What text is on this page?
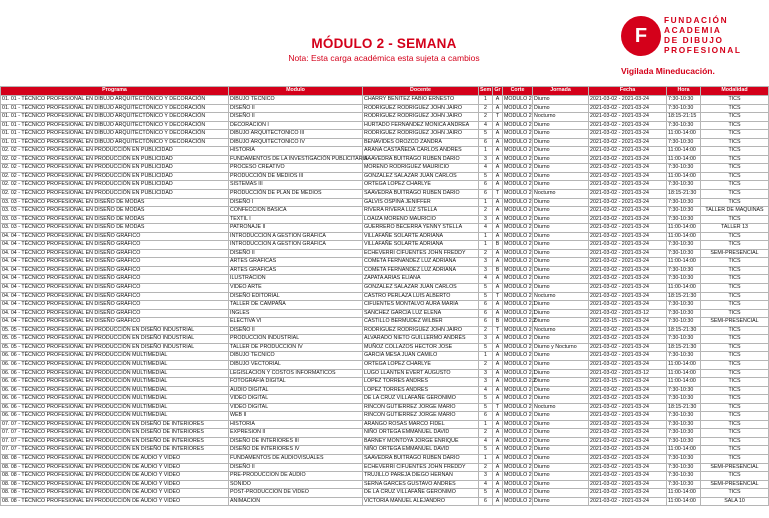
MÓDULO 2 - SEMANA
Nota: Esta carga académica esta sujeta a cambios
F
FUNDACIÓN
ACADEMIA
DE DIBUJO
PROFESIONAL
Vigilada Mineducación.
Programa	Modulo	Docente	Sem	Gr	Corte	Jornada	Fecha	Hora	Modalidad
01. 01 - TÉCNICO PROFESIONAL EN DIBUJO ARQUITECTÓNICO Y DECORACIÓN	DIBUJO TECNICO	CHARRY BENITEZ FABIO ERNESTO	1	A	MODULO 2	Diurno	2021-03-02 - 2021-03-24	7:30-10:30	TICS
01. 01 - TÉCNICO PROFESIONAL EN DIBUJO ARQUITECTÓNICO Y DECORACIÓN	DISEÑO II	RODRIGUEZ RODRIGUEZ JOHN JAIRO	2	A	MODULO 2	Diurno	2021-03-02 - 2021-03-24	7:30-10:30	TICS
01. 01 - TÉCNICO PROFESIONAL EN DIBUJO ARQUITECTÓNICO Y DECORACIÓN	DISEÑO II	RODRIGUEZ RODRIGUEZ JOHN JAIRO	2	T	MODULO 2	Nocturno	2021-03-02 - 2021-03-24	18:15-21:15	TICS
01. 01 - TÉCNICO PROFESIONAL EN DIBUJO ARQUITECTÓNICO Y DECORACIÓN	DECORACION I	HURTADO FERNANDEZ MONICA ANDREA	4	A	MODULO 2	Diurno	2021-03-02 - 2021-03-24	7:30-10:30	TICS
01. 01 - TÉCNICO PROFESIONAL EN DIBUJO ARQUITECTÓNICO Y DECORACIÓN	DIBUJO ARQUITECTONICO III	RODRIGUEZ RODRIGUEZ JOHN JAIRO	5	A	MODULO 2	Diurno	2021-03-02 - 2021-03-24	11:00-14:00	TICS
01. 01 - TÉCNICO PROFESIONAL EN DIBUJO ARQUITECTÓNICO Y DECORACIÓN	DIBUJO ARQUITECTONICO IV	BENAVIDES OROZCO ZANDRA	6	A	MODULO 2	Diurno	2021-03-02 - 2021-03-24	7:30-10:30	TICS
02. 02 - TÉCNICO PROFESIONAL EN PRODUCCIÓN EN PUBLICIDAD	HISTORIA	ARANA CASTAÑEDA CARLOS ANDRES	1	A	MODULO 2	Diurno	2021-03-02 - 2021-03-24	11:00-14:00	TICS
02. 02 - TÉCNICO PROFESIONAL EN PRODUCCIÓN EN PUBLICIDAD	FUNDAMENTOS DE LA INVESTIGACIÓN PUBLICITARIA	SAAVEDRA BUITRAGO RUBEN DARIO	3	A	MODULO 2	Diurno	2021-03-02 - 2021-03-24	11:00-14:00	TICS
02. 02 - TÉCNICO PROFESIONAL EN PRODUCCIÓN EN PUBLICIDAD	PROCESO CREATIVO	MORENO RODRIGUEZ MAURICIO	4	A	MODULO 2	Diurno	2021-03-02 - 2021-03-24	7:30-10:30	TICS
02. 02 - TÉCNICO PROFESIONAL EN PRODUCCIÓN EN PUBLICIDAD	PRODUCCIÓN DE MEDIOS III	GONZALEZ SALAZAR JUAN CARLOS	5	A	MODULO 2	Diurno	2021-03-02 - 2021-03-24	11:00-14:00	TICS
02. 02 - TÉCNICO PROFESIONAL EN PRODUCCIÓN EN PUBLICIDAD	SISTEMAS III	ORTEGA LOPEZ CHARLYE	6	A	MODULO 2	Diurno	2021-03-02 - 2021-03-24	7:30-10:30	TICS
02. 02 - TÉCNICO PROFESIONAL EN PRODUCCIÓN EN PUBLICIDAD	PRODUCCIÓN DE PLAN DE MEDIOS	SAAVEDRA BUITRAGO RUBEN DARIO	6	T	MODULO 2	Nocturno	2021-03-02 - 2021-03-24	18:15-21:30	TICS
03. 03 - TÉCNICO PROFESIONAL EN DISEÑO DE MODAS	DISEÑO I	GALVIS OSPINA JENIFFER	1	A	MODULO 2	Diurno	2021-03-02 - 2021-03-24	7:30-10:30	TICS
03. 03 - TÉCNICO PROFESIONAL EN DISEÑO DE MODAS	CONFECCION BASICA	RIVERA RIVERA LUZ STELLA	2	A	MODULO 2	Diurno	2021-03-02 - 2021-03-24	7:30-10:30	TALLER DE MAQUINAS
03. 03 - TÉCNICO PROFESIONAL EN DISEÑO DE MODAS	TEXTIL I	LOAIZA MORENO MAURICIO	3	A	MODULO 2	Diurno	2021-03-02 - 2021-03-24	7:30-10:30	TICS
03. 03 - TÉCNICO PROFESIONAL EN DISEÑO DE MODAS	PATRONAJE II	GUERRERO BECERRA YENNY STELLA	4	A	MODULO 2	Diurno	2021-03-02 - 2021-03-24	11:00-14:00	TALLER 13
04. 04 - TÉCNICO PROFESIONAL EN DISEÑO GRÁFICO	INTRODUCCION A GESTION GRAFICA	VILLAFAÑE SOLARTE ADRIANA	1	A	MODULO 2	Diurno	2021-03-02 - 2021-03-24	11:00-14:00	TICS
04. 04 - TÉCNICO PROFESIONAL EN DISEÑO GRÁFICO	INTRODUCCION A GESTION GRAFICA	VILLAFAÑE SOLARTE ADRIANA	1	B	MODULO 2	Diurno	2021-03-02 - 2021-03-24	7:30-10:30	TICS
04. 04 - TÉCNICO PROFESIONAL EN DISEÑO GRÁFICO	DISEÑO II	ECHEVERRI CIFUENTES JOHN FREDDY	2	A	MODULO 2	Diurno	2021-03-02 - 2021-03-24	7:30-10:30	SEMI-PRESENCIAL
04. 04 - TÉCNICO PROFESIONAL EN DISEÑO GRÁFICO	ARTES GRAFICAS	COMETA FERNANDEZ LUZ ADRIANA	3	A	MODULO 2	Diurno	2021-03-02 - 2021-03-24	11:00-14:00	TICS
04. 04 - TÉCNICO PROFESIONAL EN DISEÑO GRÁFICO	ARTES GRAFICAS	COMETA FERNANDEZ LUZ ADRIANA	3	B	MODULO 2	Diurno	2021-03-02 - 2021-03-24	7:30-10:30	TICS
04. 04 - TÉCNICO PROFESIONAL EN DISEÑO GRÁFICO	ILUSTRACION	ZAPATA ARIAS ELIANA	4	A	MODULO 2	Diurno	2021-03-02 - 2021-03-24	7:30-10:30	TICS
04. 04 - TÉCNICO PROFESIONAL EN DISEÑO GRÁFICO	VIDEO ARTE	GONZALEZ SALAZAR JUAN CARLOS	5	A	MODULO 2	Diurno	2021-03-02 - 2021-03-24	11:00-14:00	TICS
04. 04 - TÉCNICO PROFESIONAL EN DISEÑO GRÁFICO	DISEÑO EDITORIAL	CASTRO PERLAZA LUIS ALBERTO	5	T	MODULO 2	Nocturno	2021-03-02 - 2021-03-24	18:15-21:30	TICS
04. 04 - TÉCNICO PROFESIONAL EN DISEÑO GRÁFICO	TALLER DE CAMPAÑA	CIFUENTES MONTALVO AURA MARIA	6	A	MODULO 2.1	Diurno	2021-03-02 - 2021-03-24	7:30-10:30	TICS
04. 04 - TÉCNICO PROFESIONAL EN DISEÑO GRÁFICO	INGLES	SANCHEZ GARCIA LUZ ELENA	6	A	MODULO 2.1	Diurno	2021-03-02 - 2021-03-12	7:30-10:30	TICS
04. 04 - TÉCNICO PROFESIONAL EN DISEÑO GRÁFICO	ELECTIVA VI	CASTILLO BERMUDEZ WILBER	6	B	MODULO 2.2	Diurno	2021-03-15 - 2021-03-24	7:30-10:30	SEMI-PRESENCIAL
05. 05 - TÉCNICO PROFESIONAL EN PRODUCCIÓN EN DISEÑO INDUSTRIAL	DISEÑO II	RODRIGUEZ RODRIGUEZ JOHN JAIRO	2	T	MODULO 2	Nocturno	2021-03-02 - 2021-03-24	18:15-21:30	TICS
05. 05 - TÉCNICO PROFESIONAL EN PRODUCCIÓN EN DISEÑO INDUSTRIAL	PRODUCCION INDUSTRIAL	ALVARADO NIETO GUILLERMO ANDRÉS	3	A	MODULO 2	Diurno	2021-03-02 - 2021-03-24	7:30-10:30	TICS
05. 05 - TÉCNICO PROFESIONAL EN PRODUCCIÓN EN DISEÑO INDUSTRIAL	TALLER DE PRODUCCION IV	MUÑOZ COLLAZOS HECTOR JOSE	5	A	MODULO 2	Diurno y Nocturno	2021-03-02 - 2021-03-24	18:15-21:30	TICS
06. 06 - TÉCNICO PROFESIONAL EN PRODUCCIÓN MULTIMEDIAL	DIBUJO TECNICO	GARCIA MESA JUAN CAMILO	1	A	MODULO 2	Diurno	2021-03-02 - 2021-03-24	7:30-10:30	TICS
06. 06 - TÉCNICO PROFESIONAL EN PRODUCCIÓN MULTIMEDIAL	DIBUJO VECTORIAL	ORTEGA LOPEZ CHARLYE	2	A	MODULO 2	Diurno	2021-03-02 - 2021-03-24	11:00-14:00	TICS
06. 06 - TÉCNICO PROFESIONAL EN PRODUCCIÓN MULTIMEDIAL	LEGISLACION Y COSTOS INFORMATICOS	LUGO LLANTEN EVERT AUGUSTO	3	A	MODULO 2.1	Diurno	2021-03-02 - 2021-03-12	11:00-14:00	TICS
06. 06 - TÉCNICO PROFESIONAL EN PRODUCCIÓN MULTIMEDIAL	FOTOGRAFIA DIGITAL	LOPEZ TORRES ANDRES	3	A	MODULO 2.2	Diurno	2021-03-15 - 2021-03-24	11:00-14:00	TICS
06. 06 - TÉCNICO PROFESIONAL EN PRODUCCIÓN MULTIMEDIAL	AUDIO DIGITAL	LOPEZ TORRES ANDRES	4	A	MODULO 2	Diurno	2021-03-02 - 2021-03-24	7:30-10:30	TICS
06. 06 - TÉCNICO PROFESIONAL EN PRODUCCIÓN MULTIMEDIAL	VIDEO DIGITAL	DE LA CRUZ VILLAFAÑE GERONIMO	5	A	MODULO 2	Diurno	2021-03-02 - 2021-03-24	7:30-10:30	TICS
06. 06 - TÉCNICO PROFESIONAL EN PRODUCCIÓN MULTIMEDIAL	VIDEO DIGITAL	RINCON GUTIERREZ JORGE MARIO	5	T	MODULO 2	Nocturno	2021-03-02 - 2021-03-24	18:15-21:30	TICS
06. 06 - TÉCNICO PROFESIONAL EN PRODUCCIÓN MULTIMEDIAL	WEB II	RINCON GUTIERREZ JORGE MARIO	6	A	MODULO 2	Diurno	2021-03-02 - 2021-03-24	7:30-10:30	TICS
07. 07 - TÉCNICO PROFESIONAL EN PRODUCCIÓN EN DISEÑO DE INTERIORES	HISTORIA	ARANGO ROSAS MARCO FIDEL	1	A	MODULO 2	Diurno	2021-03-02 - 2021-03-24	7:30-10:30	TICS
07. 07 - TÉCNICO PROFESIONAL EN PRODUCCIÓN EN DISEÑO DE INTERIORES	EXPRESION II	NIÑO ORTEGA EMMANUEL DAVID	2	A	MODULO 2	Diurno	2021-03-02 - 2021-03-24	7:30-10:30	TICS
07. 07 - TÉCNICO PROFESIONAL EN PRODUCCIÓN EN DISEÑO DE INTERIORES	DISEÑO DE INTERIORES III	BARNEY MONTOYA JORGE ENRIQUE	4	A	MODULO 2	Diurno	2021-03-02 - 2021-03-24	7:30-10:30	TICS
07. 07 - TÉCNICO PROFESIONAL EN PRODUCCIÓN EN DISEÑO DE INTERIORES	DISEÑO DE INTERIORES IV	NIÑO ORTEGA EMMANUEL DAVID	5	A	MODULO 2	Diurno	2021-03-02 - 2021-03-24	11:00-14:00	TICS
08. 08 - TÉCNICO PROFESIONAL EN PRODUCCIÓN DE AUDIO Y VIDEO	FUNDAMENTOS DE AUDIOVISUALES	SAAVEDRA BUITRAGO RUBEN DARIO	1	A	MODULO 2	Diurno	2021-03-02 - 2021-03-24	7:30-10:30	TICS
08. 08 - TÉCNICO PROFESIONAL EN PRODUCCIÓN DE AUDIO Y VIDEO	DISEÑO II	ECHEVERRI CIFUENTES JOHN FREDDY	2	A	MODULO 2	Diurno	2021-03-02 - 2021-03-24	7:30-10:30	SEMI-PRESENCIAL
08. 08 - TÉCNICO PROFESIONAL EN PRODUCCIÓN DE AUDIO Y VIDEO	PRE-PRODUCCION DE AUDIO	TRUJILLO PAREJA DIEGO HERNAN	3	A	MODULO 2	Diurno	2021-03-02 - 2021-03-24	7:30-10:30	TICS
08. 08 - TÉCNICO PROFESIONAL EN PRODUCCIÓN DE AUDIO Y VIDEO	SONIDO	SERNA GARCES GUSTAVO ANDRES	4	A	MODULO 2	Diurno	2021-03-02 - 2021-03-24	7:30-10:30	SEMI-PRESENCIAL
08. 08 - TÉCNICO PROFESIONAL EN PRODUCCIÓN DE AUDIO Y VIDEO	POST-PRODUCCION DE VIDEO	DE LA CRUZ VILLAFAÑE GERONIMO	5	A	MODULO 2	Diurno	2021-03-02 - 2021-03-24	11:00-14:00	TICS
08. 08 - TÉCNICO PROFESIONAL EN PRODUCCIÓN DE AUDIO Y VIDEO	ANIMACION	VICTORIA MANUEL ALEJANDRO	6	A	MODULO 2	Diurno	2021-03-02 - 2021-03-24	11:00-14:00	SALA 10
